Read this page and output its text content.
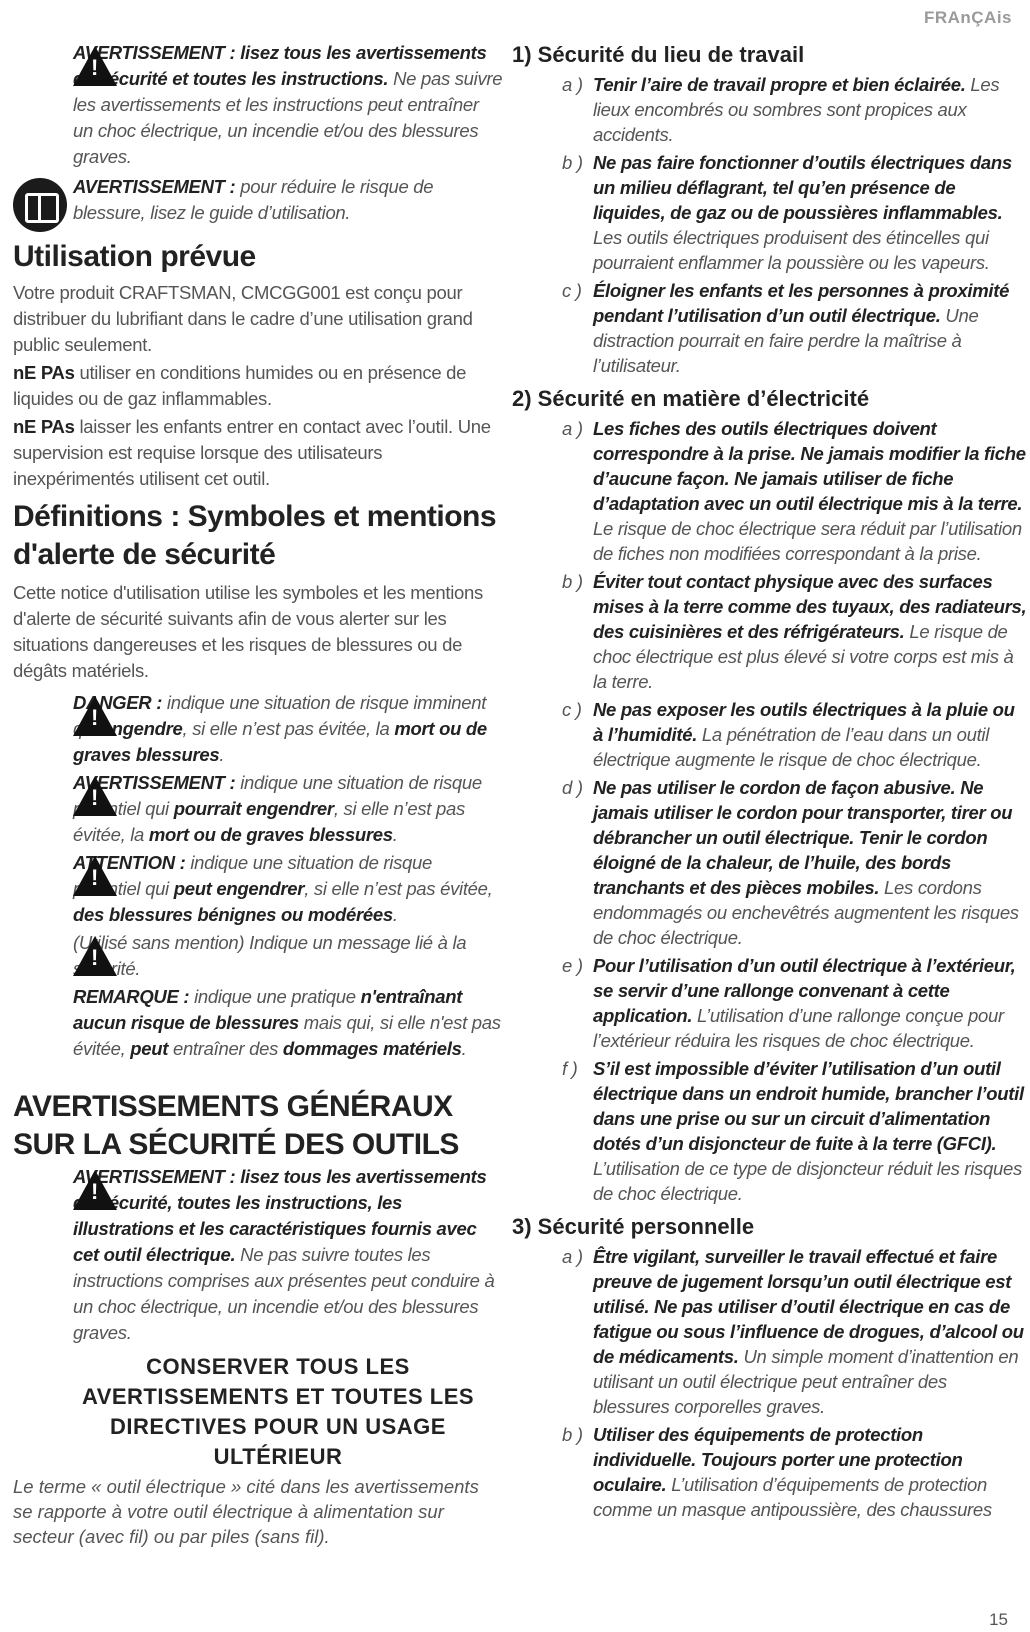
FRAnÇAis
!
AVERTISSEMENT : lisez tous les avertissements de sécurité et toutes les instructions. Ne pas suivre les avertissements et les instructions peut entraîner un choc électrique, un incendie et/ou des blessures graves.
AVERTISSEMENT : pour réduire le risque de blessure, lisez le guide d’utilisation.
Utilisation prévue

Votre produit CRAFTSMAN, CMCGG001 est conçu pour distribuer du lubrifiant dans le cadre d’une utilisation grand public seulement.

nE PAs utiliser en conditions humides ou en présence de liquides ou de gaz inflammables.

nE PAs laisser les enfants entrer en contact avec l’outil. Une supervision est requise lorsque des utilisateurs inexpérimentés utilisent cet outil.

Définitions : Symboles et mentions d'alerte de sécurité

Cette notice d'utilisation utilise les symboles et les mentions d'alerte de sécurité suivants afin de vous alerter sur les situations dangereuses et les risques de blessures ou de dégâts matériels.

!
DANGER : indique une situation de risque imminent qui engendre, si elle n’est pas évitée, la mort ou de graves blessures.
!
AVERTISSEMENT : indique une situation de risque potentiel qui pourrait engendrer, si elle n’est pas évitée, la mort ou de graves blessures.
!
ATTENTION : indique une situation de risque potentiel qui peut engendrer, si elle n’est pas évitée, des blessures bénignes ou modérées.
!
(Utilisé sans mention) Indique un message lié à la sécurité.
REMARQUE : indique une pratique n'entraînant aucun risque de blessures mais qui, si elle n'est pas évitée, peut entraîner des dommages matériels.
AVERTISSEMENTS GÉNÉRAUX SUR LA SÉCURITÉ DES OUTILS
!
AVERTISSEMENT : lisez tous les avertissements de sécurité, toutes les instructions, les illustrations et les caractéristiques fournis avec cet outil électrique. Ne pas suivre toutes les instructions comprises aux présentes peut conduire à un choc électrique, un incendie et/ou des blessures graves.
CONSERVER TOUS LES AVERTISSEMENTS ET TOUTES LES DIRECTIVES POUR UN USAGE ULTÉRIEUR

Le terme « outil électrique » cité dans les avertissements se rapporte à votre outil électrique à alimentation sur secteur (avec fil) ou par piles (sans fil).

1) Sécurité du lieu de travail
a ) Tenir l’aire de travail propre et bien éclairée. Les lieux encombrés ou sombres sont propices aux accidents.
b ) Ne pas faire fonctionner d’outils électriques dans un milieu déflagrant, tel qu’en présence de liquides, de gaz ou de poussières inflammables. Les outils électriques produisent des étincelles qui pourraient enflammer la poussière ou les vapeurs.
c ) Éloigner les enfants et les personnes à proximité pendant l’utilisation d’un outil électrique. Une distraction pourrait en faire perdre la maîtrise à l’utilisateur.
2) Sécurité en matière d’électricité
a ) Les fiches des outils électriques doivent correspondre à la prise. Ne jamais modifier la fiche d’aucune façon. Ne jamais utiliser de fiche d’adaptation avec un outil électrique mis à la terre. Le risque de choc électrique sera réduit par l’utilisation de fiches non modifiées correspondant à la prise.
b ) Éviter tout contact physique avec des surfaces mises à la terre comme des tuyaux, des radiateurs, des cuisinières et des réfrigérateurs. Le risque de choc électrique est plus élevé si votre corps est mis à la terre.
c ) Ne pas exposer les outils électriques à la pluie ou à l’humidité. La pénétration de l’eau dans un outil électrique augmente le risque de choc électrique.
d ) Ne pas utiliser le cordon de façon abusive. Ne jamais utiliser le cordon pour transporter, tirer ou débrancher un outil électrique. Tenir le cordon éloigné de la chaleur, de l’huile, des bords tranchants et des pièces mobiles. Les cordons endommagés ou enchevêtrés augmentent les risques de choc électrique.
e ) Pour l’utilisation d’un outil électrique à l’extérieur, se servir d’une rallonge convenant à cette application. L’utilisation d’une rallonge conçue pour l’extérieur réduira les risques de choc électrique.
f ) S’il est impossible d’éviter l’utilisation d’un outil électrique dans un endroit humide, brancher l’outil dans une prise ou sur un circuit d’alimentation dotés d’un disjoncteur de fuite à la terre (GFCI). L’utilisation de ce type de disjoncteur réduit les risques de choc électrique.
3) Sécurité personnelle
a ) Être vigilant, surveiller le travail effectué et faire preuve de jugement lorsqu’un outil électrique est utilisé. Ne pas utiliser d’outil électrique en cas de fatigue ou sous l’influence de drogues, d’alcool ou de médicaments. Un simple moment d’inattention en utilisant un outil électrique peut entraîner des blessures corporelles graves.
b ) Utiliser des équipements de protection individuelle. Toujours porter une protection oculaire. L’utilisation d’équipements de protection comme un masque antipoussière, des chaussures
15
